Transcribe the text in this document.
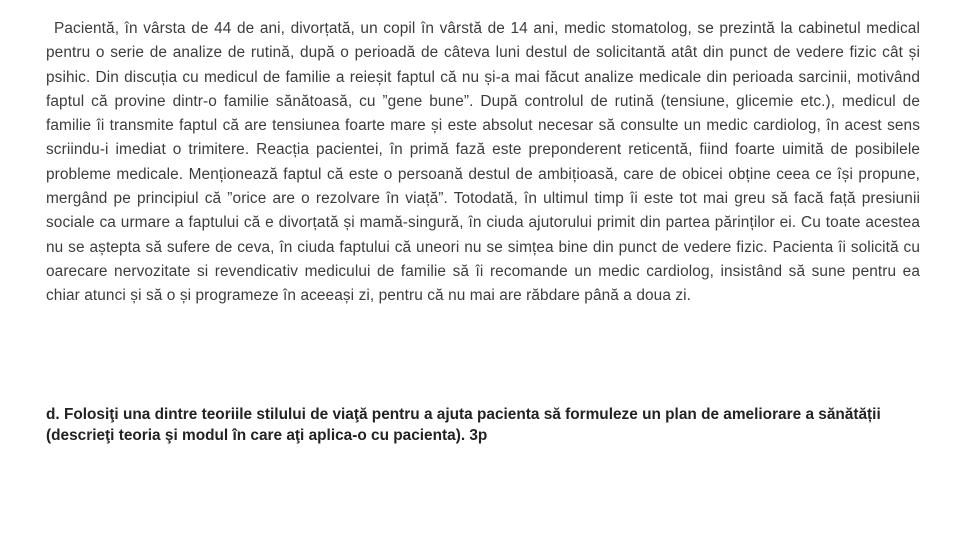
Pacientă, în vârsta de 44 de ani, divorțată, un copil în vârstă de 14 ani, medic stomatolog, se prezintă la cabinetul medical pentru o serie de analize de rutină, după o perioadă de câteva luni destul de solicitantă atât din punct de vedere fizic cât și psihic. Din discuția cu medicul de familie a reieșit faptul că nu și-a mai făcut analize medicale din perioada sarcinii, motivând faptul că provine dintr-o familie sănătoasă, cu ”gene bune”. După controlul de rutină (tensiune, glicemie etc.), medicul de familie îi transmite faptul că are tensiunea foarte mare și este absolut necesar să consulte un medic cardiolog, în acest sens scriindu-i imediat o trimitere. Reacția pacientei, în primă fază este preponderent reticentă, fiind foarte uimită de posibilele probleme medicale. Menționează faptul că este o persoană destul de ambițioasă, care de obicei obține ceea ce își propune, mergând pe principiul că ”orice are o rezolvare în viață”. Totodată, în ultimul timp îi este tot mai greu să facă față presiunii sociale ca urmare a faptului că e divorțată și mamă-singură, în ciuda ajutorului primit din partea părinților ei. Cu toate acestea nu se aștepta să sufere de ceva, în ciuda faptului că uneori nu se simțea bine din punct de vedere fizic. Pacienta îi solicită cu oarecare nervozitate si revendicativ medicului de familie să îi recomande un medic cardiolog, insistând să sune pentru ea chiar atunci și să o și programeze în aceeași zi, pentru că nu mai are răbdare până a doua zi.

d. Folosiţi una dintre teoriile stilului de viaţă pentru a ajuta pacienta să formuleze un plan de ameliorare a sănătății (descrieţi teoria şi modul în care aţi aplica-o cu pacienta). 3p
